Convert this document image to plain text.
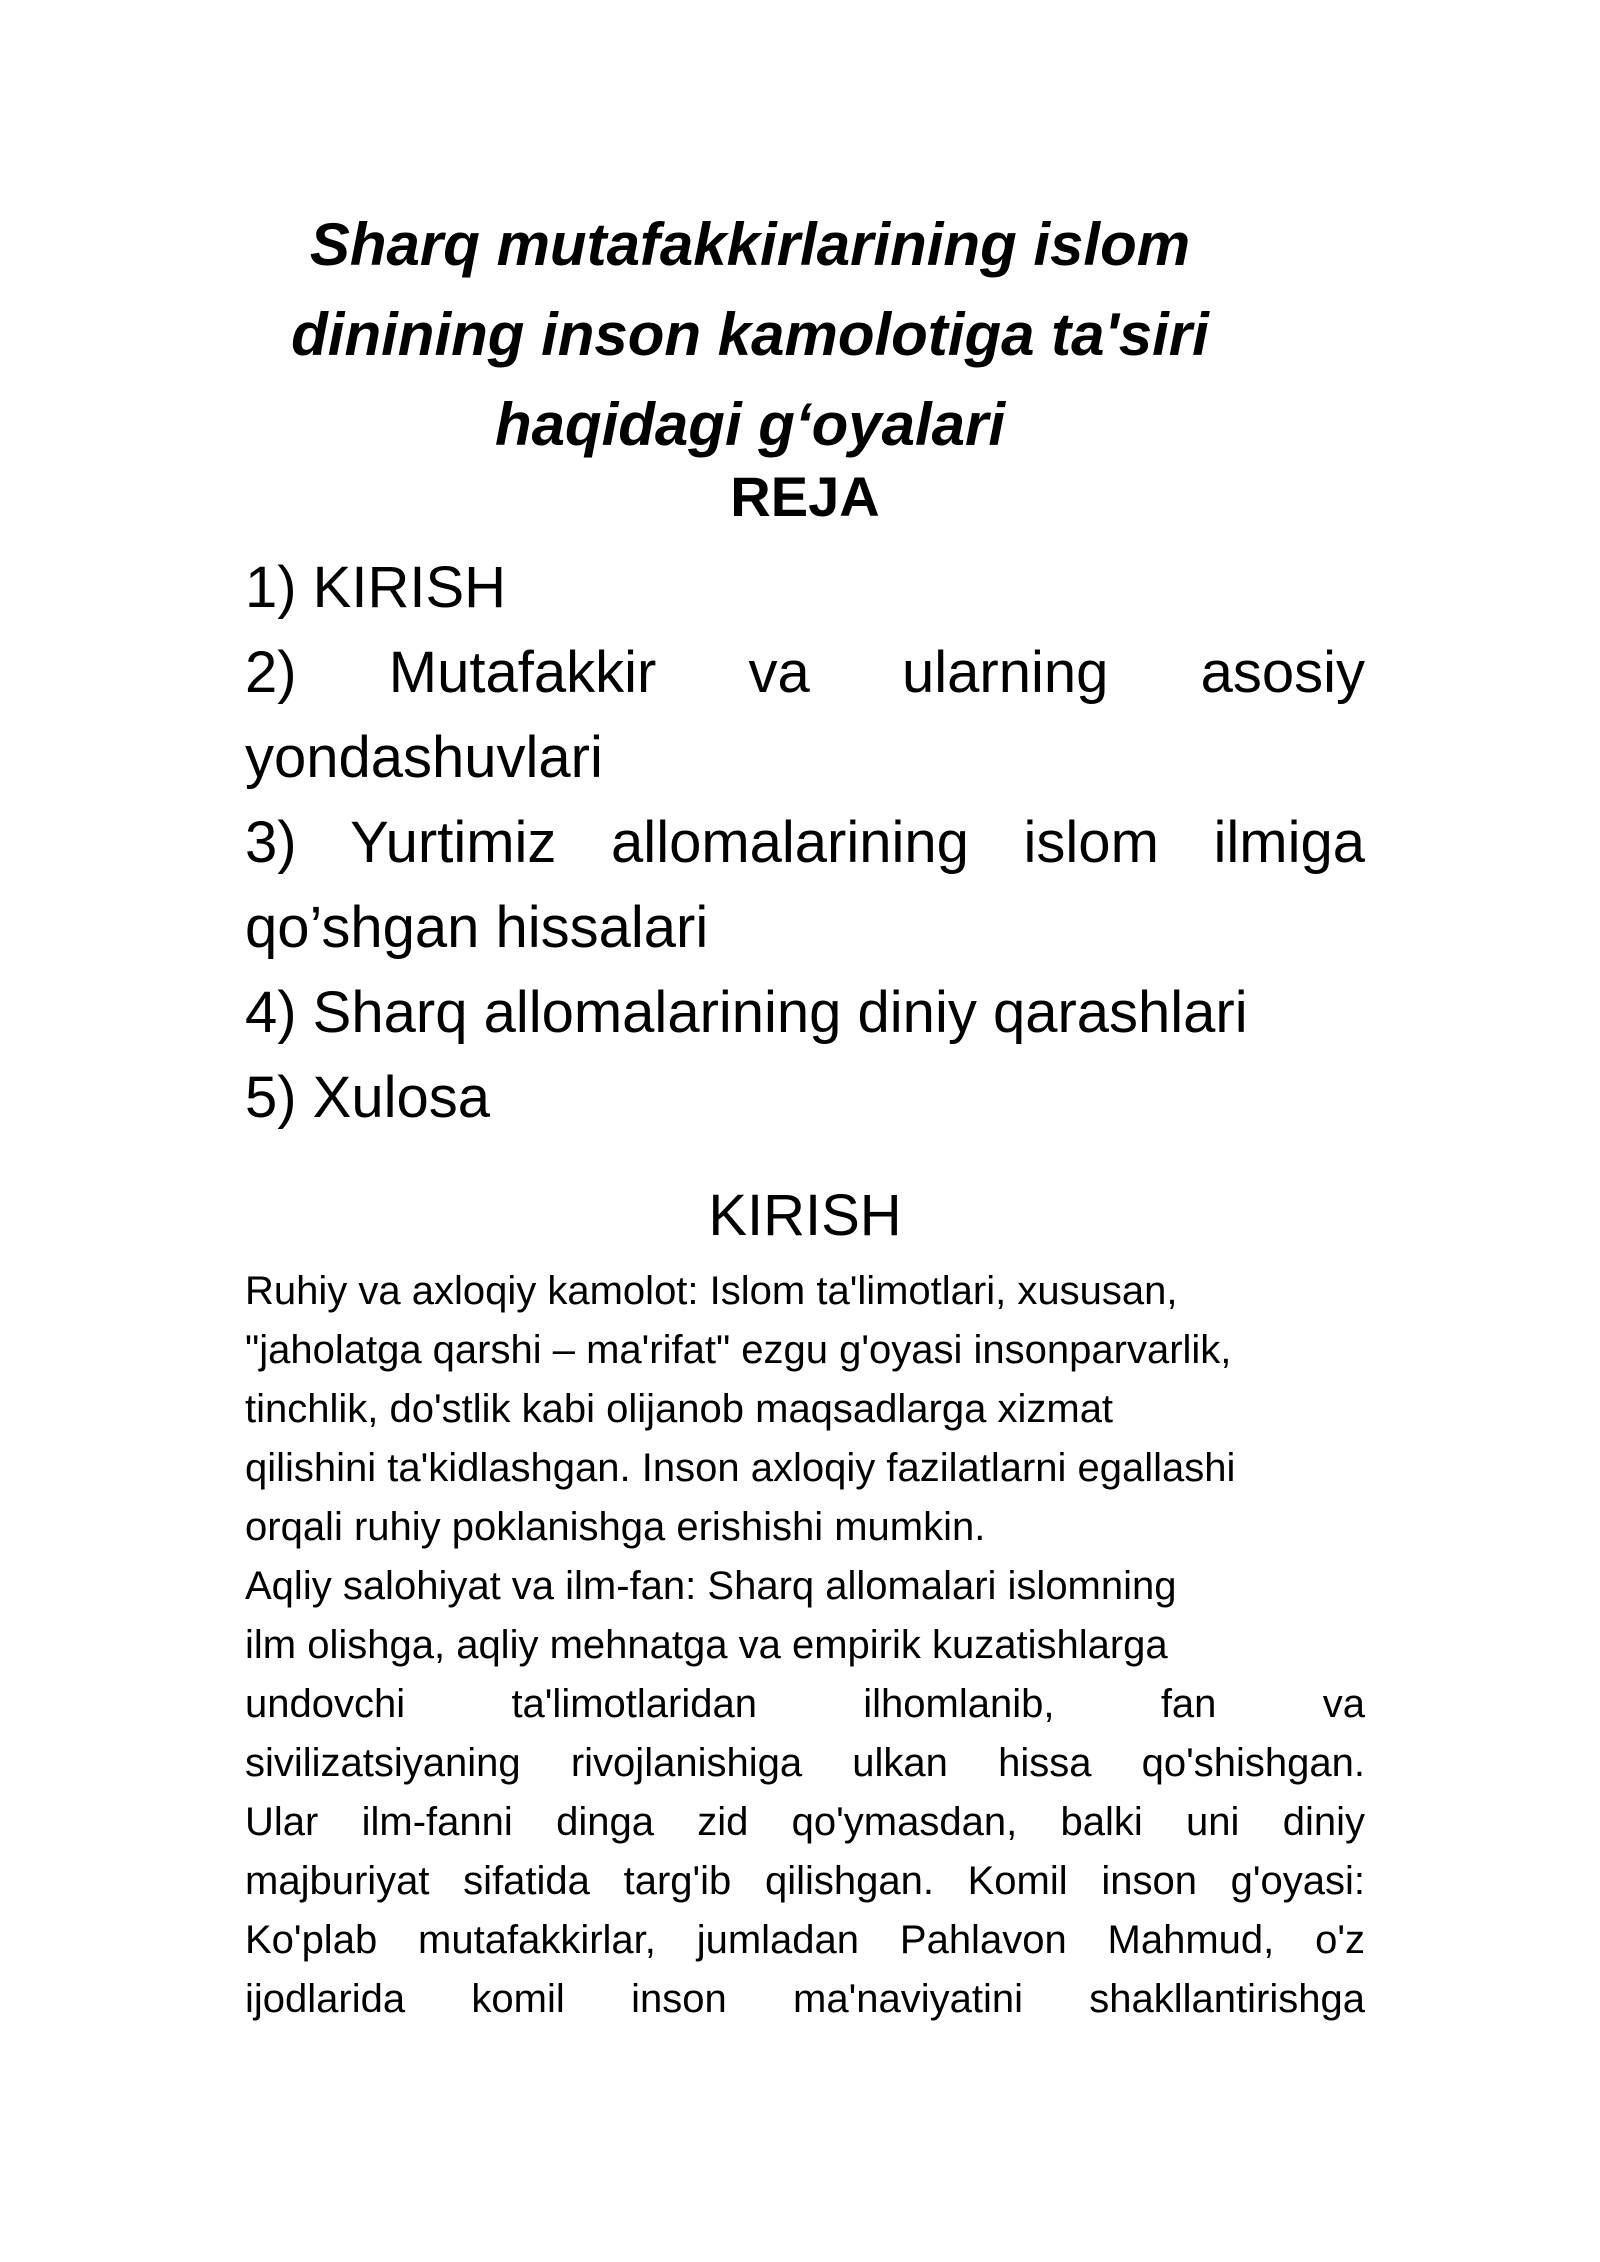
Sharq mutafakkirlarining islom
dinining inson kamolotiga ta'siri
haqidagi g‘oyalari
REJA
1) KIRISH
2) Mutafakkir va ularning asosiy
yondashuvlari
3) Yurtimiz allomalarining islom ilmiga
qo’shgan hissalari
4) Sharq allomalarining diniy qarashlari
5) Xulosa
KIRISH
Ruhiy va axloqiy kamolot: Islom ta'limotlari, xususan,
"jaholatga qarshi – ma'rifat" ezgu g'oyasi insonparvarlik,
tinchlik, do'stlik kabi olijanob maqsadlarga xizmat
qilishini ta'kidlashgan. Inson axloqiy fazilatlarni egallashi
orqali ruhiy poklanishga erishishi mumkin.
Aqliy salohiyat va ilm-fan: Sharq allomalari islomning
ilm olishga, aqliy mehnatga va empirik kuzatishlarga
undovchi ta'limotlaridan ilhomlanib, fan va
sivilizatsiyaning rivojlanishiga ulkan hissa qo'shishgan.
Ular ilm-fanni dinga zid qo'ymasdan, balki uni diniy
majburiyat sifatida targ'ib qilishgan. Komil inson g'oyasi:
Ko'plab mutafakkirlar, jumladan Pahlavon Mahmud, o'z
ijodlarida komil inson ma'naviyatini shakllantirishga
